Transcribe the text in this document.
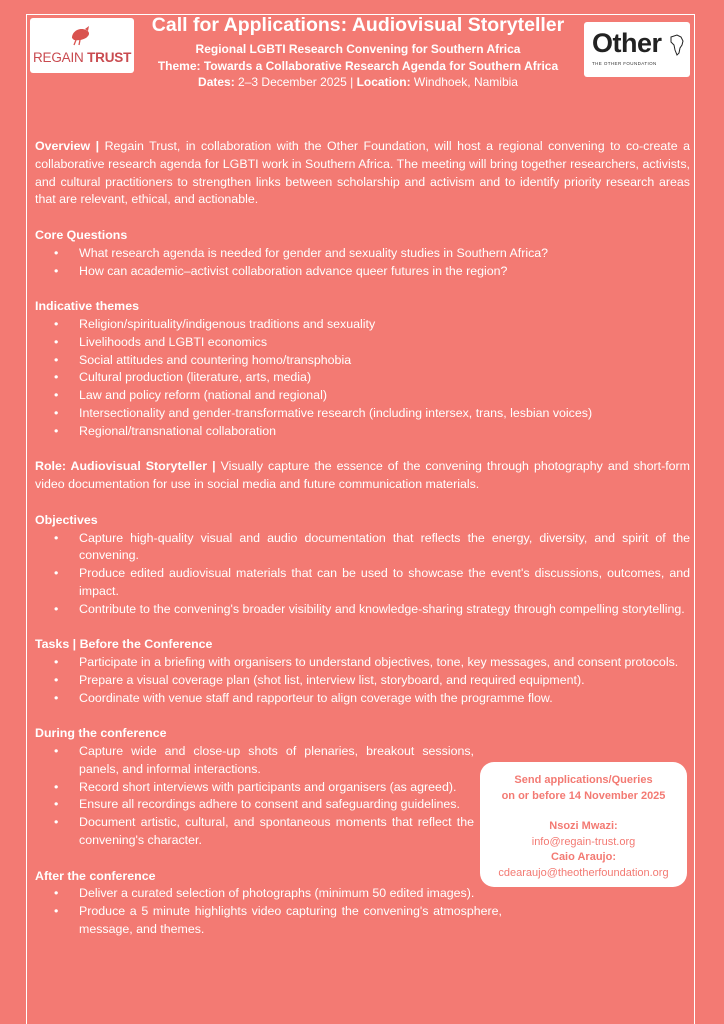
REGAIN TRUST	Other
THE OTHER FOUNDATION
Call for Applications: Audiovisual Storyteller
Regional LGBTI Research Convening for Southern Africa
Theme: Towards a Collaborative Research Agenda for Southern Africa
Dates: 2–3 December 2025 | Location: Windhoek, Namibia

Overview | Regain Trust, in collaboration with the Other Foundation, will host a regional convening to co-create a collaborative research agenda for LGBTI work in Southern Africa. The meeting will bring together researchers, activists, and cultural practitioners to strengthen links between scholarship and activism and to identify priority research areas that are relevant, ethical, and actionable.

Core Questions

• What research agenda is needed for gender and sexuality studies in Southern Africa?
• How can academic–activist collaboration advance queer futures in the region?

Indicative themes

• Religion/spirituality/indigenous traditions and sexuality
• Livelihoods and LGBTI economics
• Social attitudes and countering homo/transphobia
• Cultural production (literature, arts, media)
• Law and policy reform (national and regional)
• Intersectionality and gender-transformative research (including intersex, trans, lesbian voices)
• Regional/transnational collaboration

Role: Audiovisual Storyteller | Visually capture the essence of the convening through photography and short-form video documentation for use in social media and future communication materials.

Objectives

• Capture high-quality visual and audio documentation that reflects the energy, diversity, and spirit of the convening.
• Produce edited audiovisual materials that can be used to showcase the event's discussions, outcomes, and impact.
• Contribute to the convening's broader visibility and knowledge-sharing strategy through compelling storytelling.

Tasks | Before the Conference

• Participate in a briefing with organisers to understand objectives, tone, key messages, and consent protocols.
• Prepare a visual coverage plan (shot list, interview list, storyboard, and required equipment).
• Coordinate with venue staff and rapporteur to align coverage with the programme flow.

During the conference

• Capture wide and close-up shots of plenaries, breakout sessions, panels, and informal interactions.
• Record short interviews with participants and organisers (as agreed).
• Ensure all recordings adhere to consent and safeguarding guidelines.
• Document artistic, cultural, and spontaneous moments that reflect the convening's character.

After the conference

• Deliver a curated selection of photographs (minimum 50 edited images).
• Produce a 5 minute highlights video capturing the convening's atmosphere, message, and themes.
Send applications/Queries
on or before 14 November 2025
Nsozi Mwazi:
info@regain-trust.org
Caio Araujo:
cdearaujo@theotherfoundation.org
